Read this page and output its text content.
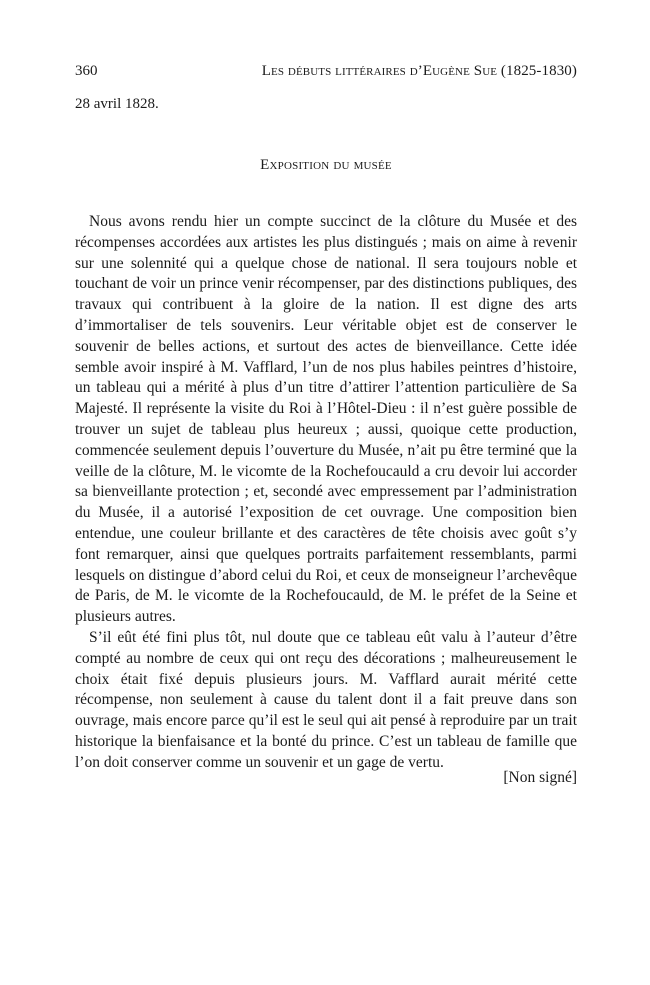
360	Les débuts littéraires d’Eugène Sue (1825-1830)
28 avril 1828.
Exposition du musée

Nous avons rendu hier un compte succinct de la clôture du Musée et des récompenses accordées aux artistes les plus distingués ; mais on aime à revenir sur une solennité qui a quelque chose de national. Il sera toujours noble et touchant de voir un prince venir récompenser, par des distinctions publiques, des travaux qui contribuent à la gloire de la nation. Il est digne des arts d’immortaliser de tels souvenirs. Leur véritable objet est de conserver le souvenir de belles actions, et surtout des actes de bienveillance. Cette idée semble avoir inspiré à M. Vafflard, l’un de nos plus habiles peintres d’histoire, un tableau qui a mérité à plus d’un titre d’attirer l’attention particulière de Sa Majesté. Il représente la visite du Roi à l’Hôtel-Dieu : il n’est guère possible de trouver un sujet de tableau plus heureux ; aussi, quoique cette production, commencée seulement depuis l’ouverture du Musée, n’ait pu être terminé que la veille de la clôture, M. le vicomte de la Rochefoucauld a cru devoir lui accorder sa bienveillante protection ; et, secondé avec empressement par l’administration du Musée, il a autorisé l’exposition de cet ouvrage. Une composition bien entendue, une couleur brillante et des caractères de tête choisis avec goût s’y font remarquer, ainsi que quelques portraits parfaitement ressemblants, parmi lesquels on distingue d’abord celui du Roi, et ceux de monseigneur l’archevêque de Paris, de M. le vicomte de la Rochefoucauld, de M. le préfet de la Seine et plusieurs autres.

S’il eût été fini plus tôt, nul doute que ce tableau eût valu à l’auteur d’être compté au nombre de ceux qui ont reçu des décorations ; malheureusement le choix était fixé depuis plusieurs jours. M. Vafflard aurait mérité cette récompense, non seulement à cause du talent dont il a fait preuve dans son ouvrage, mais encore parce qu’il est le seul qui ait pensé à reproduire par un trait historique la bienfaisance et la bonté du prince. C’est un tableau de famille que l’on doit conserver comme un souvenir et un gage de vertu.

[Non signé]
